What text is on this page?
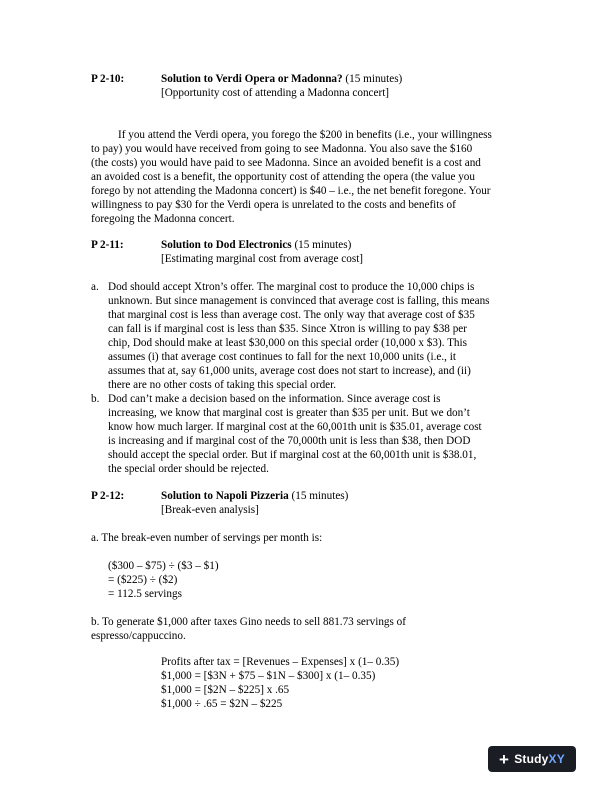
P 2-10:	Solution to Verdi Opera or Madonna? (15 minutes)
[Opportunity cost of attending a Madonna concert]
If you attend the Verdi opera, you forego the $200 in benefits (i.e., your willingness
to pay) you would have received from going to see Madonna. You also save the $160
(the costs) you would have paid to see Madonna. Since an avoided benefit is a cost and
an avoided cost is a benefit, the opportunity cost of attending the opera (the value you
forego by not attending the Madonna concert) is $40 – i.e., the net benefit foregone. Your
willingness to pay $30 for the Verdi opera is unrelated to the costs and benefits of
foregoing the Madonna concert.
P 2-11:	Solution to Dod Electronics (15 minutes)
[Estimating marginal cost from average cost]
a. Dod should accept Xtron’s offer. The marginal cost to produce the 10,000 chips is
unknown. But since management is convinced that average cost is falling, this means
that marginal cost is less than average cost. The only way that average cost of $35
can fall is if marginal cost is less than $35. Since Xtron is willing to pay $38 per
chip, Dod should make at least $30,000 on this special order (10,000 x $3). This
assumes (i) that average cost continues to fall for the next 10,000 units (i.e., it
assumes that at, say 61,000 units, average cost does not start to increase), and (ii)
there are no other costs of taking this special order.
b. Dod can’t make a decision based on the information. Since average cost is
increasing, we know that marginal cost is greater than $35 per unit. But we don’t
know how much larger. If marginal cost at the 60,001th unit is $35.01, average cost
is increasing and if marginal cost of the 70,000th unit is less than $38, then DOD
should accept the special order. But if marginal cost at the 60,001th unit is $38.01,
the special order should be rejected.
P 2-12:	Solution to Napoli Pizzeria (15 minutes)
[Break-even analysis]
a. The break-even number of servings per month is:
($300 – $75) ÷ ($3 – $1)
= ($225) ÷ ($2)
= 112.5 servings
b. To generate $1,000 after taxes Gino needs to sell 881.73 servings of
espresso/cappuccino.
Profits after tax = [Revenues – Expenses] x (1– 0.35)
$1,000 = [$3N + $75 – $1N – $300] x (1– 0.35)
$1,000 = [$2N – $225] x .65
$1,000 ÷ .65 = $2N – $225
+ StudyXY
